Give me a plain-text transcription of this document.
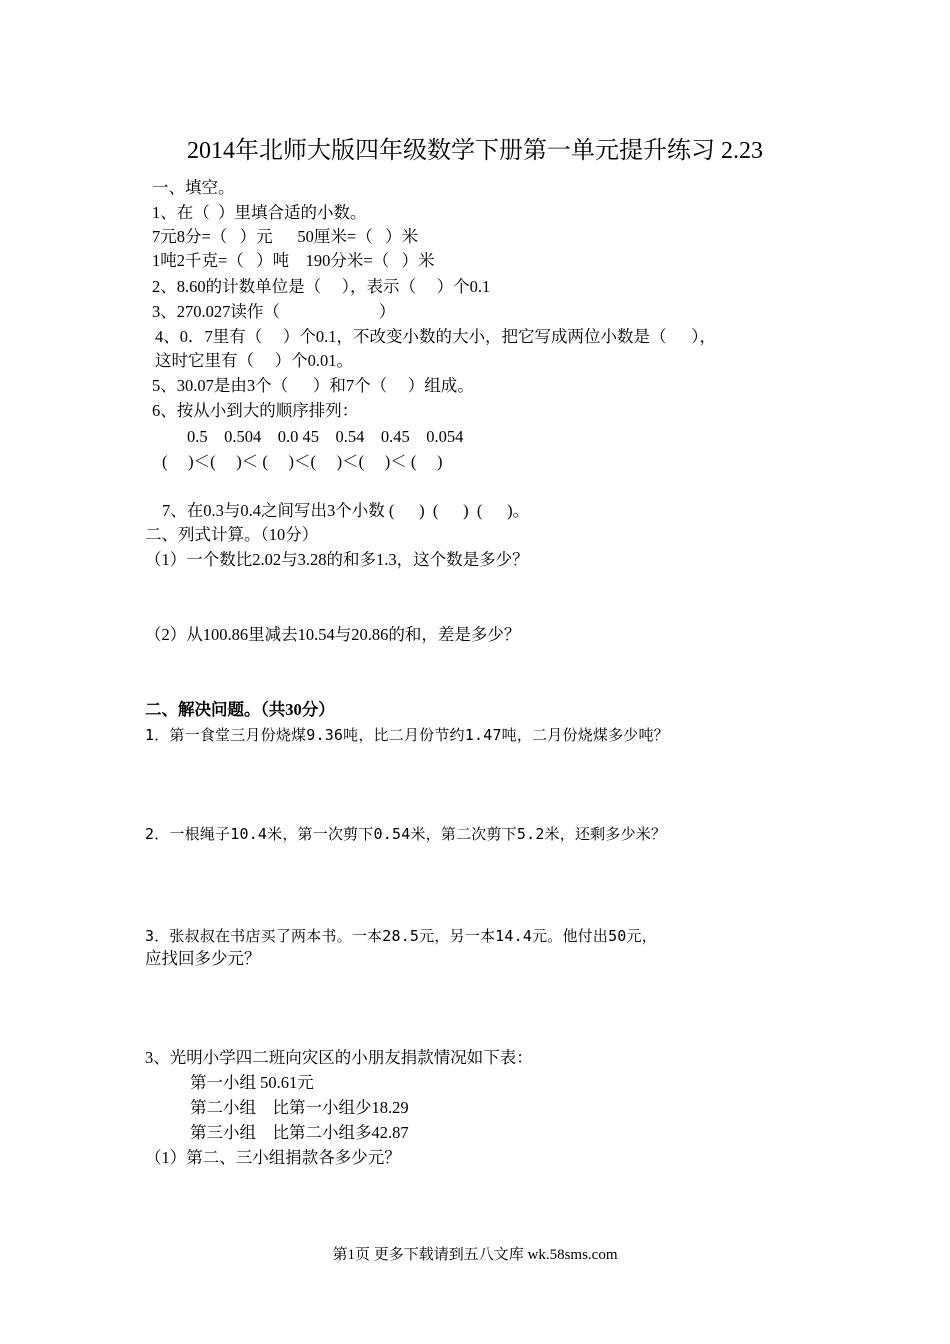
2014年北师大版四年级数学下册第一单元提升练习 2.23
一、填空。
1、在（  ）里填合适的小数。
7元8分=（   ）元      50厘米=（   ）米
1吨2千克=（   ）吨    190分米=（   ）米
2、8.60的计数单位是（     ），表示（     ）个0.1
3、270.027读作（                        ）
4、0．7里有（     ）个0.1，不改变小数的大小，把它写成两位小数是（      ），
这时它里有（     ）个0.01。
5、30.07是由3个（      ）和7个（     ）组成。
6、按从小到大的顺序排列：
0.5    0.504    0.0 45    0.54    0.45    0.054
(     )＜(     )＜ (     )＜(     )＜(     )＜ (     )
7、在0.3与0.4之间写出3个小数 (      )  (      )  (      )。
二、列式计算。（10分）
（1）一个数比2.02与3.28的和多1.3，这个数是多少？
（2）从100.86里减去10.54与20.86的和，差是多少？
二、解决问题。（共30分）
1．第一食堂三月份烧煤9.36吨，比二月份节约1.47吨，二月份烧煤多少吨？
2．一根绳子10.4米，第一次剪下0.54米，第二次剪下5.2米，还剩多少米？
3．张叔叔在书店买了两本书。一本28.5元，另一本14.4元。他付出50元，
应找回多少元？
3、光明小学四二班向灾区的小朋友捐款情况如下表：
第一小组 50.61元
第二小组    比第一小组少18.29
第三小组    比第二小组多42.87
（1）第二、三小组捐款各多少元？
第1页 更多下载请到五八文库 wk.58sms.com
